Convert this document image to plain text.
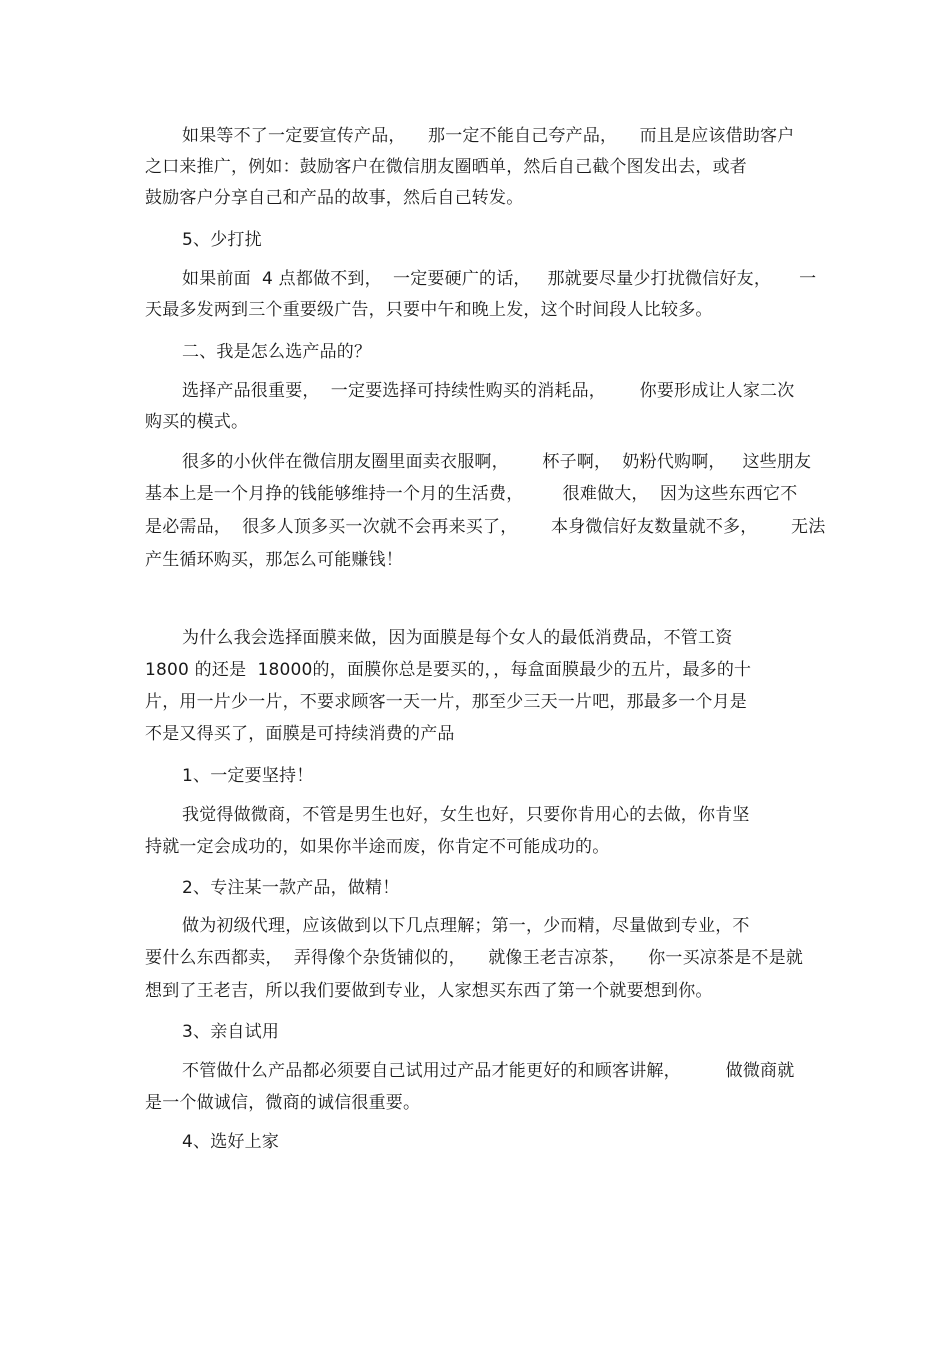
如果等不了一定要宣传产品，    那一定不能自己夸产品，    而且是应该借助客户
之口来推广，例如：鼓励客户在微信朋友圈晒单，然后自己截个图发出去，或者
鼓励客户分享自己和产品的故事，然后自己转发。
5、少打扰
如果前面  4 点都做不到，  一定要硬广的话，   那就要尽量少打扰微信好友，     一
天最多发两到三个重要级广告，只要中午和晚上发，这个时间段人比较多。
二、我是怎么选产品的？
选择产品很重要，  一定要选择可持续性购买的消耗品，      你要形成让人家二次
购买的模式。
很多的小伙伴在微信朋友圈里面卖衣服啊，      杯子啊，  奶粉代购啊，   这些朋友
基本上是一个月挣的钱能够维持一个月的生活费，       很难做大，  因为这些东西它不
是必需品，  很多人顶多买一次就不会再来买了，      本身微信好友数量就不多，      无法
产生循环购买，那怎么可能赚钱！
为什么我会选择面膜来做，因为面膜是每个女人的最低消费品，不管工资
1800 的还是  18000的，面膜你总是要买的，，每盒面膜最少的五片，最多的十
片，用一片少一片，不要求顾客一天一片，那至少三天一片吧，那最多一个月是
不是又得买了，面膜是可持续消费的产品
1、一定要坚持！
我觉得做微商，不管是男生也好，女生也好，只要你肯用心的去做，你肯坚
持就一定会成功的，如果你半途而废，你肯定不可能成功的。
2、专注某一款产品，做精！
做为初级代理，应该做到以下几点理解；第一，少而精，尽量做到专业，不
要什么东西都卖，  弄得像个杂货铺似的，    就像王老吉凉茶，    你一买凉茶是不是就
想到了王老吉，所以我们要做到专业，人家想买东西了第一个就要想到你。
3、亲自试用
不管做什么产品都必须要自己试用过产品才能更好的和顾客讲解，        做微商就
是一个做诚信，微商的诚信很重要。
4、选好上家
